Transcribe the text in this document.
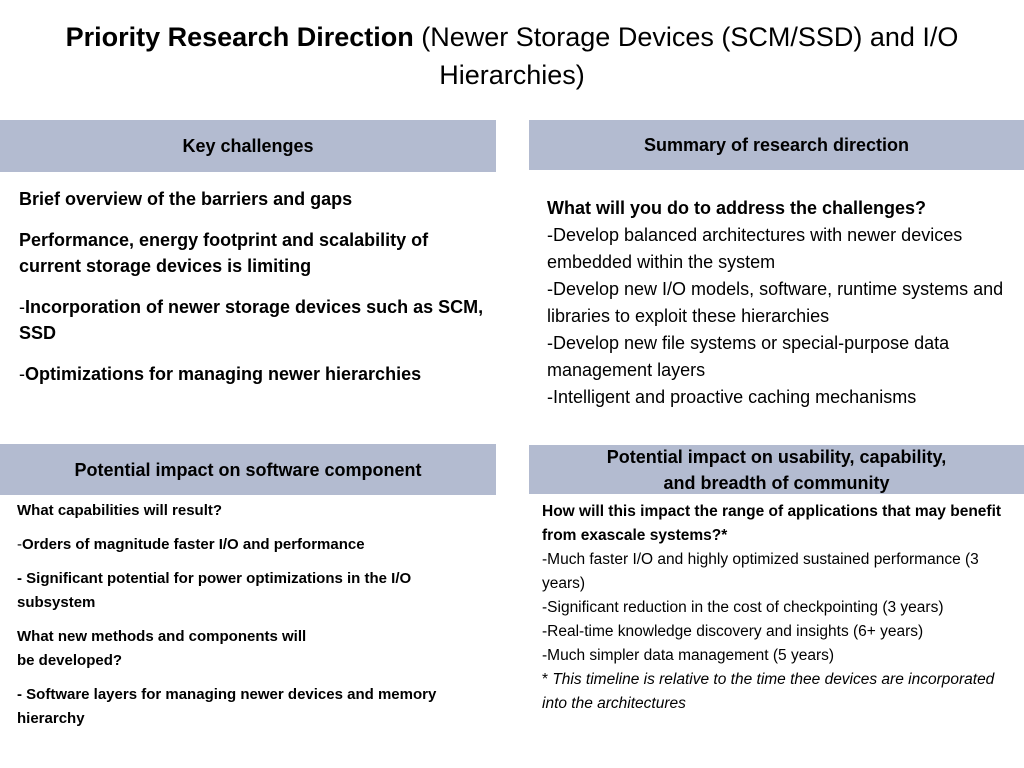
Priority Research Direction (Newer Storage Devices (SCM/SSD) and I/O Hierarchies)
Key challenges

Brief overview of the barriers and gaps

Performance, energy footprint and scalability of current storage devices is limiting

-Incorporation of newer storage devices such as SCM, SSD

-Optimizations for managing newer hierarchies

Summary of research direction

What will you do to address the challenges?

-Develop balanced architectures with newer devices embedded within the system

-Develop new I/O models, software, runtime systems and libraries to exploit these hierarchies

-Develop new file systems or special-purpose data management layers

-Intelligent and proactive caching mechanisms

Potential impact on software component

What capabilities will result?

-Orders of magnitude faster I/O and performance

- Significant potential for power optimizations in the I/O subsystem

What new methods and components will
be developed?

- Software layers for managing newer devices and memory hierarchy

Potential impact on usability, capability,
and breadth of community

How will this impact the range of applications that may benefit from exascale systems?*

-Much faster I/O and highly optimized sustained performance (3 years)

-Significant reduction in the cost of checkpointing (3 years)

-Real-time knowledge discovery and insights (6+ years)

-Much simpler data management (5 years)

* This timeline is relative to the time thee devices are incorporated into the architectures
